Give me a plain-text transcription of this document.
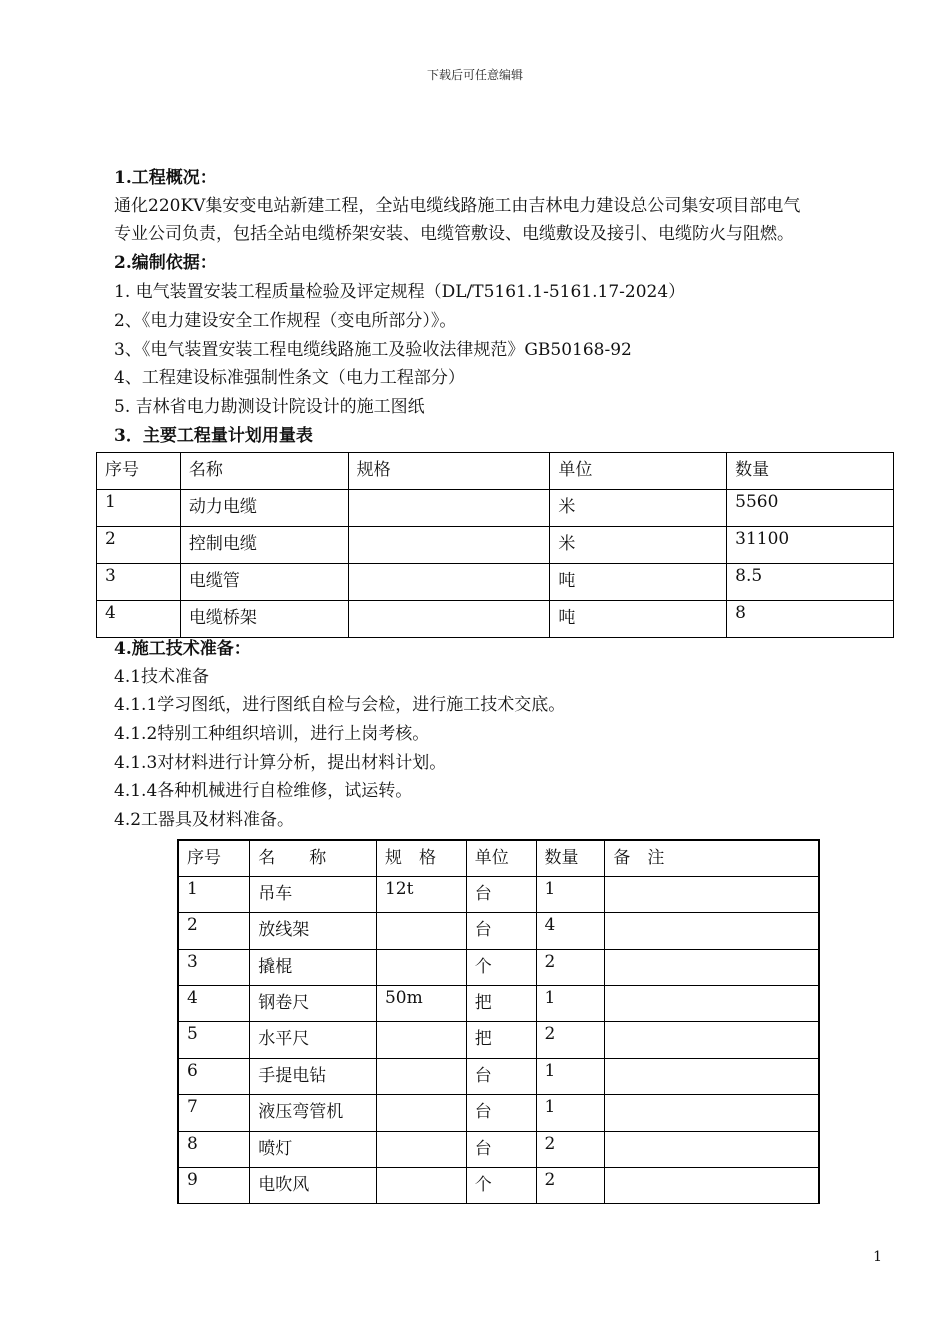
下载后可任意编辑
1.工程概况：
通化220KV集安变电站新建工程，全站电缆线路施工由吉林电力建设总公司集安项目部电气
专业公司负责，包括全站电缆桥架安装、电缆管敷设、电缆敷设及接引、电缆防火与阻燃。
2.编制依据：
1. 电气装置安装工程质量检验及评定规程（DL/T5161.1-5161.17-2024）
2、《电力建设安全工作规程（变电所部分）》。
3、《电气装置安装工程电缆线路施工及验收法律规范》GB50168-92
4、工程建设标准强制性条文（电力工程部分）
5. 吉林省电力勘测设计院设计的施工图纸
3．主要工程量计划用量表
序号	名称	规格	单位	数量
1	动力电缆		米	5560
2	控制电缆		米	31100
3	电缆管		吨	8.5
4	电缆桥架		吨	8
4.施工技术准备：
4.1技术准备
4.1.1学习图纸，进行图纸自检与会检，进行施工技术交底。
4.1.2特别工种组织培训，进行上岗考核。
4.1.3对材料进行计算分析，提出材料计划。
4.1.4各种机械进行自检维修，试运转。
4.2工器具及材料准备。
序号	名　　称	规　格	单位	数量	备　注
1	吊车	12t	台	1	
2	放线架		台	4	
3	撬棍		个	2	
4	钢卷尺	50m	把	1	
5	水平尺		把	2	
6	手提电钻		台	1	
7	液压弯管机		台	1	
8	喷灯		台	2	
9	电吹风		个	2	
1
